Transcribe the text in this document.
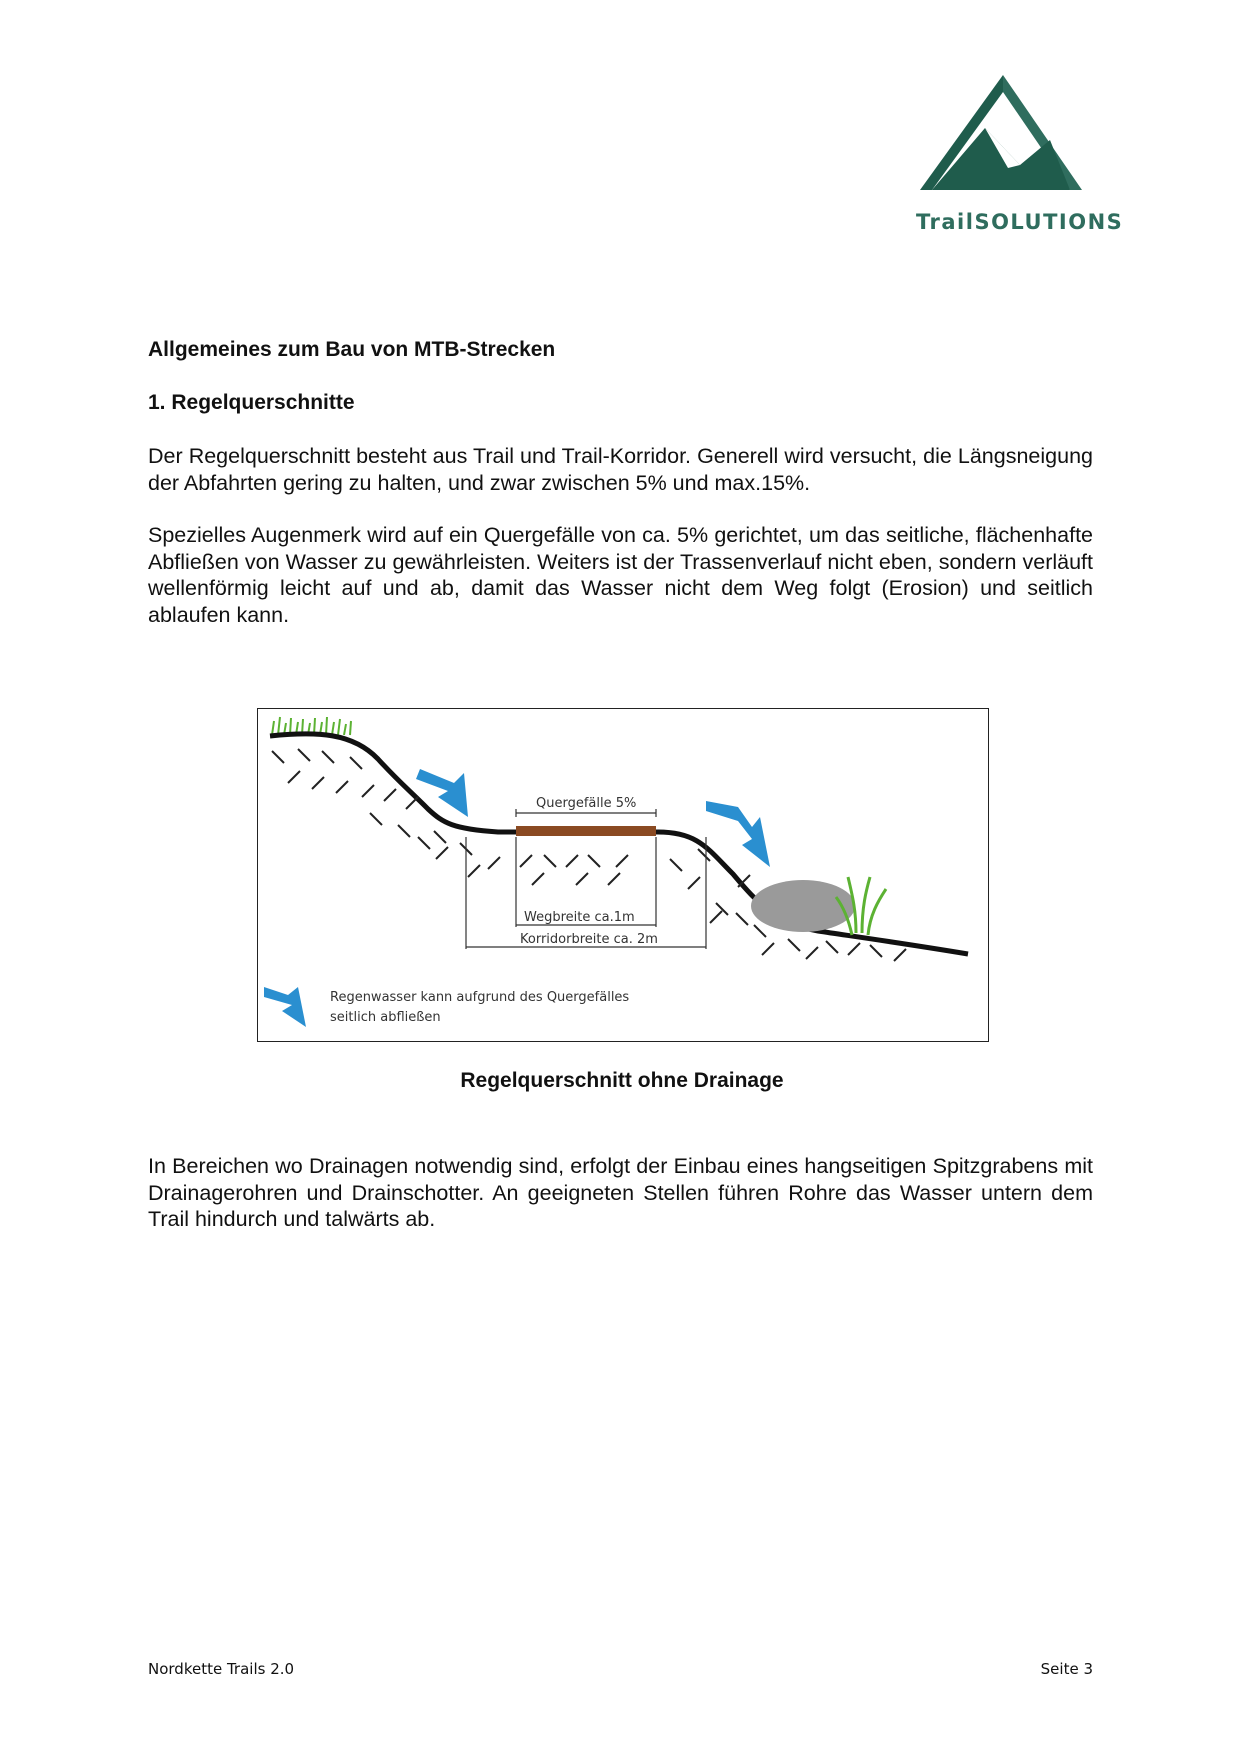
TrailSOLUTIONS
Allgemeines zum Bau von MTB-Strecken
1. Regelquerschnitte

Der Regelquerschnitt besteht aus Trail und Trail-Korridor. Generell wird versucht, die Längsneigung der Abfahrten gering zu halten, und zwar zwischen 5% und max.15%.

Spezielles Augenmerk wird auf ein Quergefälle von ca. 5% gerichtet, um das seitliche, flächenhafte Abfließen von Wasser zu gewährleisten. Weiters ist der Trassenverlauf nicht eben, sondern verläuft wellenförmig leicht auf und ab, damit das Wasser nicht dem Weg folgt (Erosion) und seitlich ablaufen kann.

Quergefälle 5%
Wegbreite ca.1m
Korridorbreite ca. 2m
Regenwasser kann aufgrund des Quergefälles
seitlich abfließen
Regelquerschnitt ohne Drainage

In Bereichen wo Drainagen notwendig sind, erfolgt der Einbau eines hangseitigen Spitzgrabens mit Drainagerohren und Drainschotter. An geeigneten Stellen führen Rohre das Wasser untern dem Trail hindurch und talwärts ab.

Nordkette Trails 2.0	Seite 3
